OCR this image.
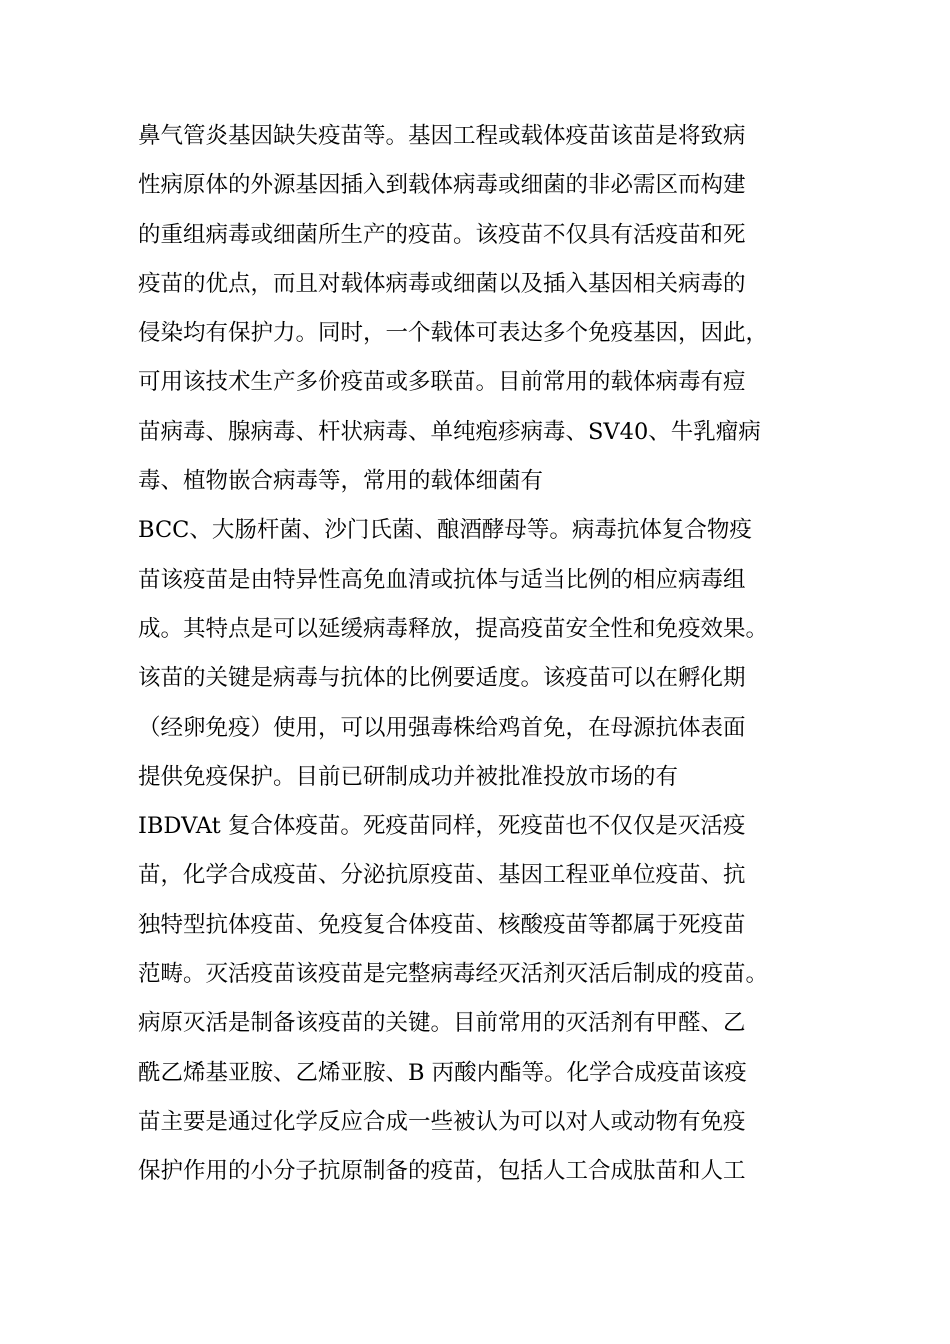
鼻气管炎基因缺失疫苗等。基因工程或载体疫苗该苗是将致病
性病原体的外源基因插入到载体病毒或细菌的非必需区而构建
的重组病毒或细菌所生产的疫苗。该疫苗不仅具有活疫苗和死
疫苗的优点，而且对载体病毒或细菌以及插入基因相关病毒的
侵染均有保护力。同时，一个载体可表达多个免疫基因，因此，
可用该技术生产多价疫苗或多联苗。目前常用的载体病毒有痘
苗病毒、腺病毒、杆状病毒、单纯疱疹病毒、SV40、牛乳瘤病
毒、植物嵌合病毒等，常用的载体细菌有
BCC、大肠杆菌、沙门氏菌、酿酒酵母等。病毒抗体复合物疫
苗该疫苗是由特异性高免血清或抗体与适当比例的相应病毒组
成。其特点是可以延缓病毒释放，提高疫苗安全性和免疫效果。
该苗的关键是病毒与抗体的比例要适度。该疫苗可以在孵化期
（经卵免疫）使用，可以用强毒株给鸡首免，在母源抗体表面
提供免疫保护。目前已研制成功并被批准投放市场的有
IBDVAt 复合体疫苗。死疫苗同样，死疫苗也不仅仅是灭活疫
苗，化学合成疫苗、分泌抗原疫苗、基因工程亚单位疫苗、抗
独特型抗体疫苗、免疫复合体疫苗、核酸疫苗等都属于死疫苗
范畴。灭活疫苗该疫苗是完整病毒经灭活剂灭活后制成的疫苗。
病原灭活是制备该疫苗的关键。目前常用的灭活剂有甲醛、乙
酰乙烯基亚胺、乙烯亚胺、B 丙酸内酯等。化学合成疫苗该疫
苗主要是通过化学反应合成一些被认为可以对人或动物有免疫
保护作用的小分子抗原制备的疫苗，包括人工合成肽苗和人工
